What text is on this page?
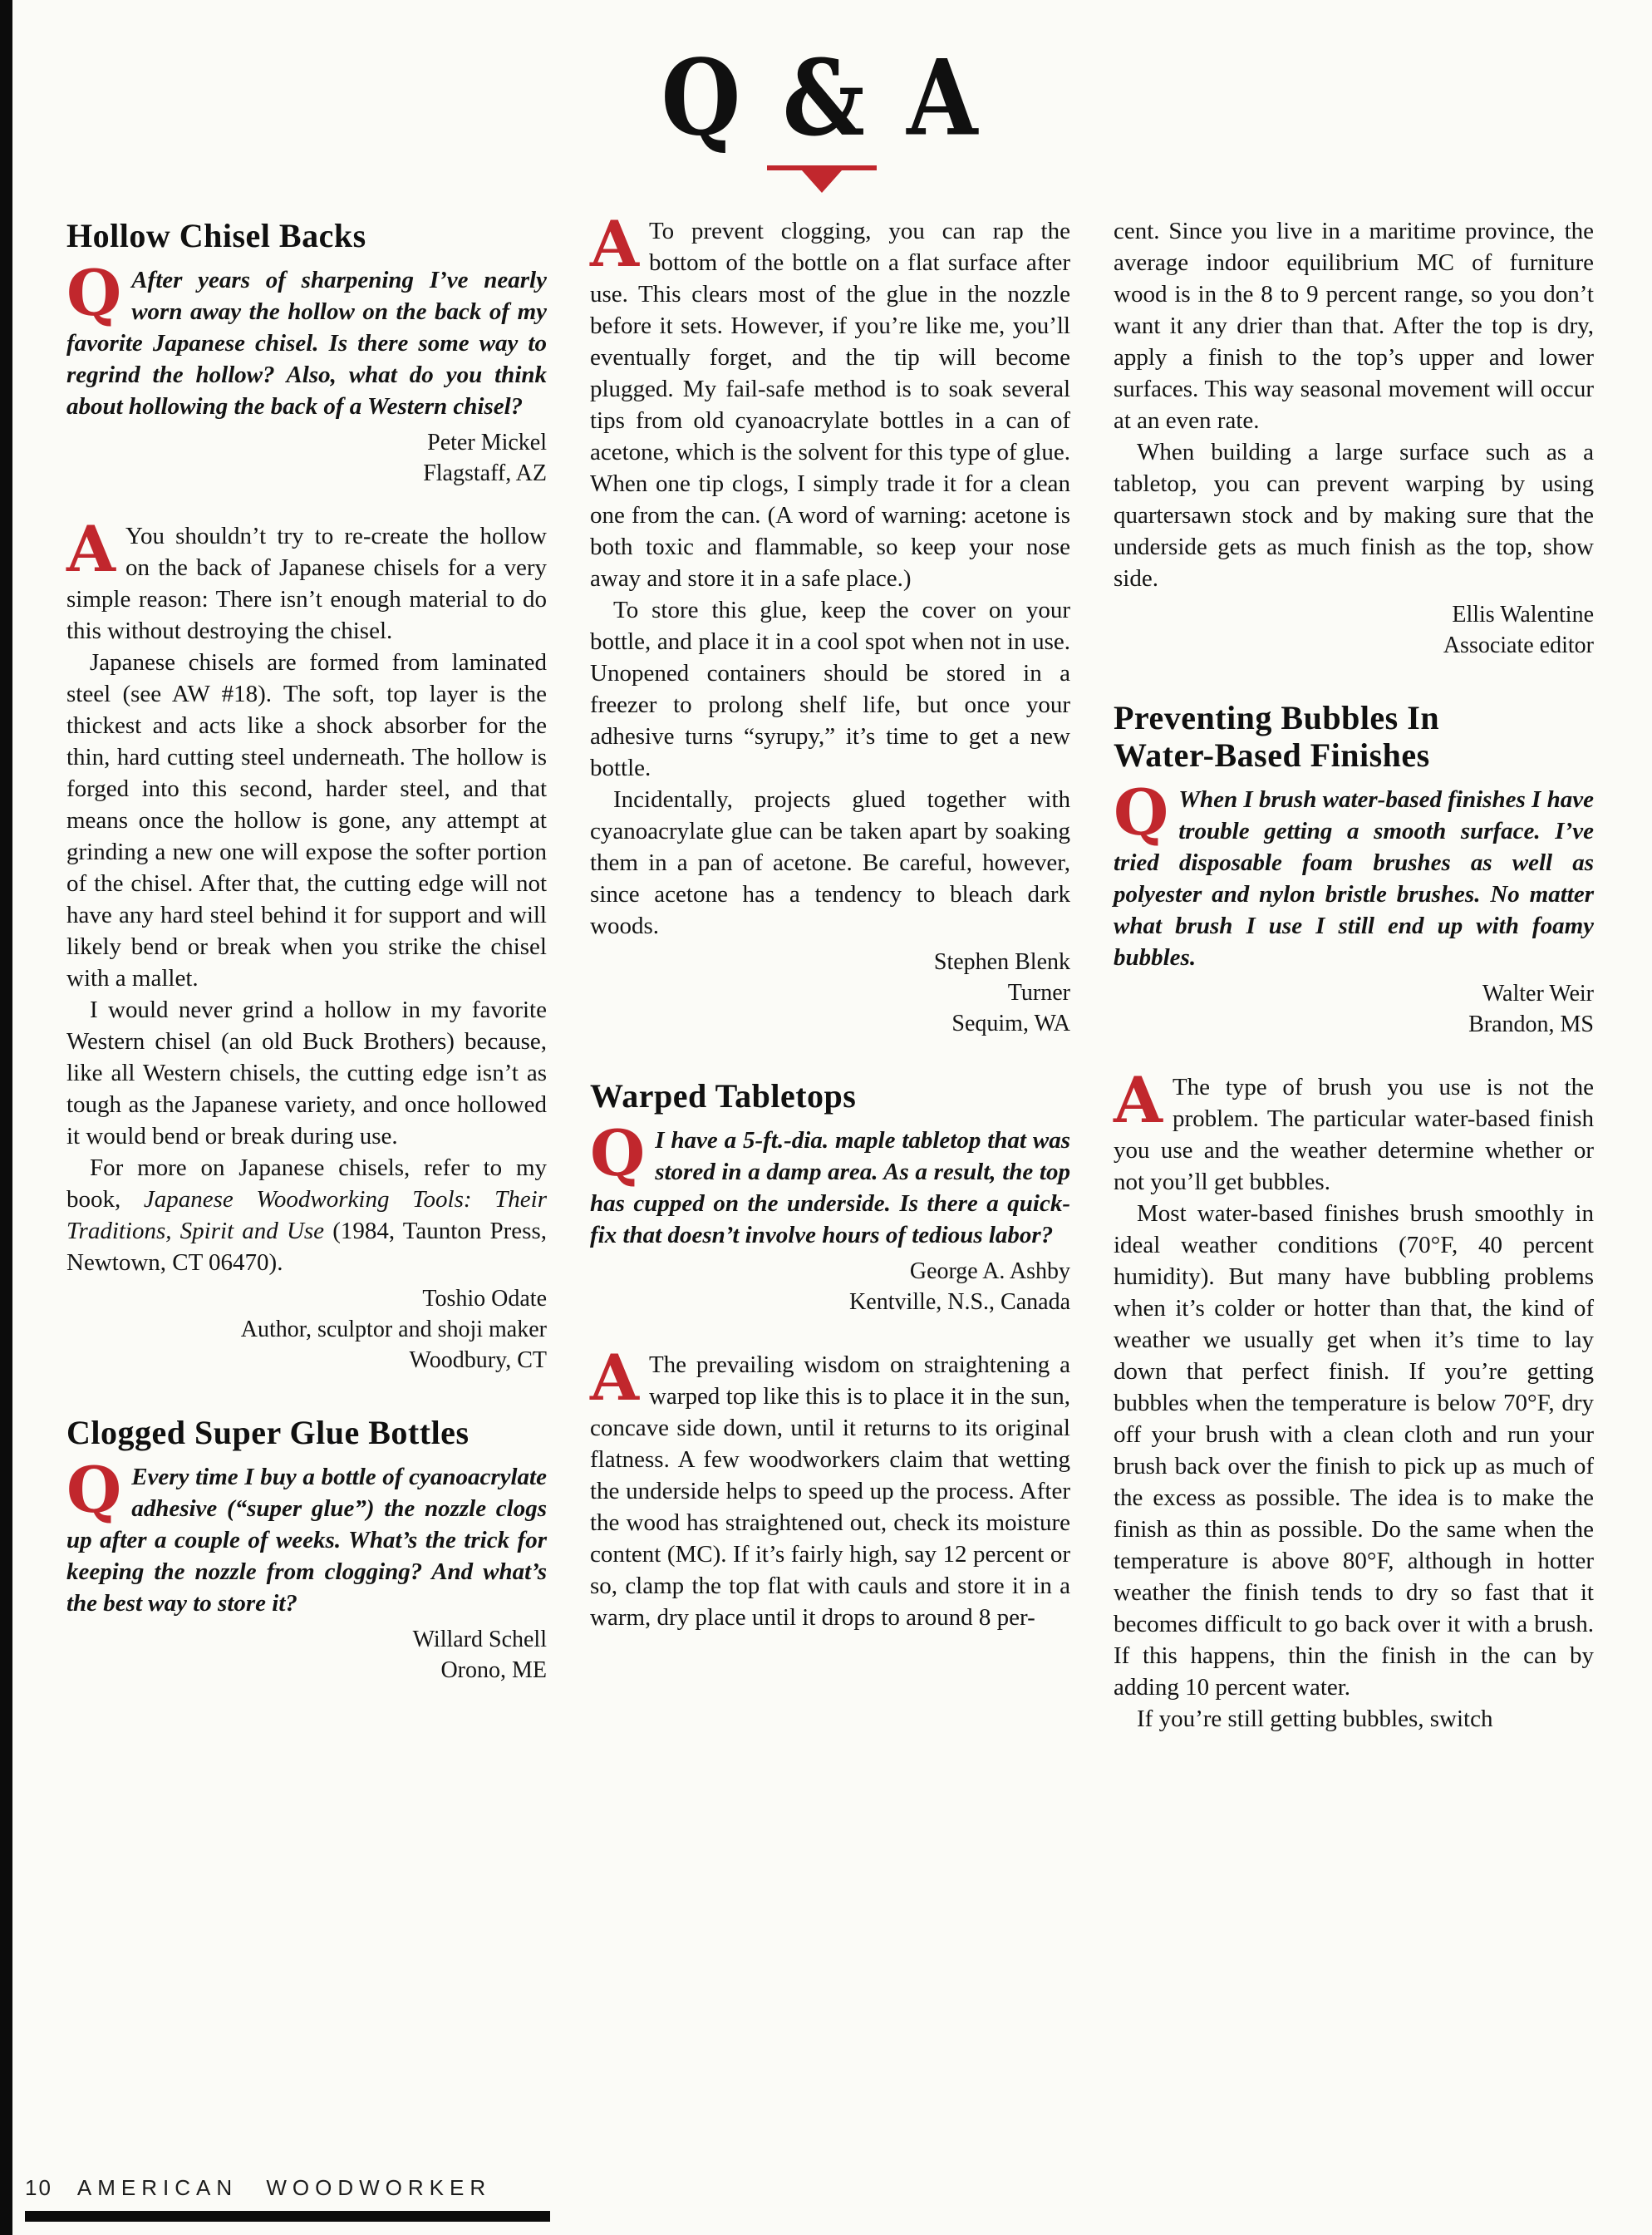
Q & A
Hollow Chisel Backs

Q After years of sharpening I’ve nearly worn away the hollow on the back of my favorite Japanese chisel. Is there some way to regrind the hollow? Also, what do you think about hollowing the back of a Western chisel?

Peter Mickel
Flagstaff, AZ

A You shouldn’t try to re-create the hollow on the back of Japanese chisels for a very simple reason: There isn’t enough material to do this without destroying the chisel.

Japanese chisels are formed from laminated steel (see AW #18). The soft, top layer is the thickest and acts like a shock absorber for the thin, hard cutting steel underneath. The hollow is forged into this second, harder steel, and that means once the hollow is gone, any attempt at grinding a new one will expose the softer portion of the chisel. After that, the cutting edge will not have any hard steel behind it for support and will likely bend or break when you strike the chisel with a mallet.

I would never grind a hollow in my favorite Western chisel (an old Buck Brothers) because, like all Western chisels, the cutting edge isn’t as tough as the Japanese variety, and once hollowed it would bend or break during use.

For more on Japanese chisels, refer to my book, Japanese Woodworking Tools: Their Traditions, Spirit and Use (1984, Taunton Press, Newtown, CT 06470).

Toshio Odate
Author, sculptor and shoji maker
Woodbury, CT
Clogged Super Glue Bottles

Q Every time I buy a bottle of cyanoacrylate adhesive (“super glue”) the nozzle clogs up after a couple of weeks. What’s the trick for keeping the nozzle from clogging? And what’s the best way to store it?

Willard Schell
Orono, ME

A To prevent clogging, you can rap the bottom of the bottle on a flat surface after use. This clears most of the glue in the nozzle before it sets. However, if you’re like me, you’ll eventually forget, and the tip will become plugged. My fail-safe method is to soak several tips from old cyanoacrylate bottles in a can of acetone, which is the solvent for this type of glue. When one tip clogs, I simply trade it for a clean one from the can. (A word of warning: acetone is both toxic and flammable, so keep your nose away and store it in a safe place.)

To store this glue, keep the cover on your bottle, and place it in a cool spot when not in use. Unopened containers should be stored in a freezer to prolong shelf life, but once your adhesive turns “syrupy,” it’s time to get a new bottle.

Incidentally, projects glued together with cyanoacrylate glue can be taken apart by soaking them in a pan of acetone. Be careful, however, since acetone has a tendency to bleach dark woods.

Stephen Blenk
Turner
Sequim, WA
Warped Tabletops

Q I have a 5-ft.-dia. maple tabletop that was stored in a damp area. As a result, the top has cupped on the underside. Is there a quick-fix that doesn’t involve hours of tedious labor?

George A. Ashby
Kentville, N.S., Canada

A The prevailing wisdom on straightening a warped top like this is to place it in the sun, concave side down, until it returns to its original flatness. A few woodworkers claim that wetting the underside helps to speed up the process. After the wood has straightened out, check its moisture content (MC). If it’s fairly high, say 12 percent or so, clamp the top flat with cauls and store it in a warm, dry place until it drops to around 8 per-

cent. Since you live in a maritime province, the average indoor equilibrium MC of furniture wood is in the 8 to 9 percent range, so you don’t want it any drier than that. After the top is dry, apply a finish to the top’s upper and lower surfaces. This way seasonal movement will occur at an even rate.

When building a large surface such as a tabletop, you can prevent warping by using quartersawn stock and by making sure that the underside gets as much finish as the top, show side.

Ellis Walentine
Associate editor
Preventing Bubbles In
Water-Based Finishes

Q When I brush water-based finishes I have trouble getting a smooth surface. I’ve tried disposable foam brushes as well as polyester and nylon bristle brushes. No matter what brush I use I still end up with foamy bubbles.

Walter Weir
Brandon, MS

A The type of brush you use is not the problem. The particular water-based finish you use and the weather determine whether or not you’ll get bubbles.

Most water-based finishes brush smoothly in ideal weather conditions (70°F, 40 percent humidity). But many have bubbling problems when it’s colder or hotter than that, the kind of weather we usually get when it’s time to lay down that perfect finish. If you’re getting bubbles when the temperature is below 70°F, dry off your brush with a clean cloth and run your brush back over the finish to pick up as much of the excess as possible. The idea is to make the finish as thin as possible. Do the same when the temperature is above 80°F, although in hotter weather the finish tends to dry so fast that it becomes difficult to go back over it with a brush. If this happens, thin the finish in the can by adding 10 percent water.

If you’re still getting bubbles, switch

10 AMERICAN WOODWORKER
